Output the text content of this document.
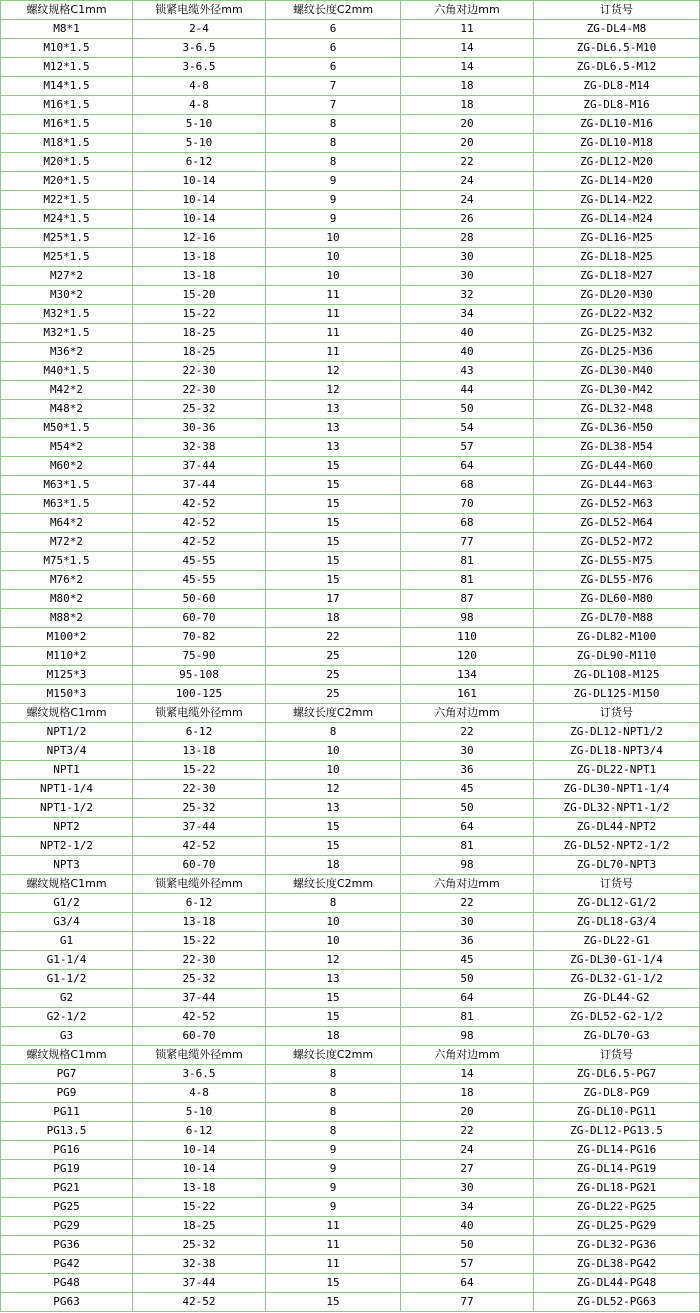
螺纹规格C1mm	锁紧电缆外径mm	螺纹长度C2mm	六角对边mm	订货号
M8*1	2-4	6	11	ZG-DL4-M8
M10*1.5	3-6.5	6	14	ZG-DL6.5-M10
M12*1.5	3-6.5	6	14	ZG-DL6.5-M12
M14*1.5	4-8	7	18	ZG-DL8-M14
M16*1.5	4-8	7	18	ZG-DL8-M16
M16*1.5	5-10	8	20	ZG-DL10-M16
M18*1.5	5-10	8	20	ZG-DL10-M18
M20*1.5	6-12	8	22	ZG-DL12-M20
M20*1.5	10-14	9	24	ZG-DL14-M20
M22*1.5	10-14	9	24	ZG-DL14-M22
M24*1.5	10-14	9	26	ZG-DL14-M24
M25*1.5	12-16	10	28	ZG-DL16-M25
M25*1.5	13-18	10	30	ZG-DL18-M25
M27*2	13-18	10	30	ZG-DL18-M27
M30*2	15-20	11	32	ZG-DL20-M30
M32*1.5	15-22	11	34	ZG-DL22-M32
M32*1.5	18-25	11	40	ZG-DL25-M32
M36*2	18-25	11	40	ZG-DL25-M36
M40*1.5	22-30	12	43	ZG-DL30-M40
M42*2	22-30	12	44	ZG-DL30-M42
M48*2	25-32	13	50	ZG-DL32-M48
M50*1.5	30-36	13	54	ZG-DL36-M50
M54*2	32-38	13	57	ZG-DL38-M54
M60*2	37-44	15	64	ZG-DL44-M60
M63*1.5	37-44	15	68	ZG-DL44-M63
M63*1.5	42-52	15	70	ZG-DL52-M63
M64*2	42-52	15	68	ZG-DL52-M64
M72*2	42-52	15	77	ZG-DL52-M72
M75*1.5	45-55	15	81	ZG-DL55-M75
M76*2	45-55	15	81	ZG-DL55-M76
M80*2	50-60	17	87	ZG-DL60-M80
M88*2	60-70	18	98	ZG-DL70-M88
M100*2	70-82	22	110	ZG-DL82-M100
M110*2	75-90	25	120	ZG-DL90-M110
M125*3	95-108	25	134	ZG-DL108-M125
M150*3	100-125	25	161	ZG-DL125-M150
螺纹规格C1mm	锁紧电缆外径mm	螺纹长度C2mm	六角对边mm	订货号
NPT1/2	6-12	8	22	ZG-DL12-NPT1/2
NPT3/4	13-18	10	30	ZG-DL18-NPT3/4
NPT1	15-22	10	36	ZG-DL22-NPT1
NPT1-1/4	22-30	12	45	ZG-DL30-NPT1-1/4
NPT1-1/2	25-32	13	50	ZG-DL32-NPT1-1/2
NPT2	37-44	15	64	ZG-DL44-NPT2
NPT2-1/2	42-52	15	81	ZG-DL52-NPT2-1/2
NPT3	60-70	18	98	ZG-DL70-NPT3
螺纹规格C1mm	锁紧电缆外径mm	螺纹长度C2mm	六角对边mm	订货号
G1/2	6-12	8	22	ZG-DL12-G1/2
G3/4	13-18	10	30	ZG-DL18-G3/4
G1	15-22	10	36	ZG-DL22-G1
G1-1/4	22-30	12	45	ZG-DL30-G1-1/4
G1-1/2	25-32	13	50	ZG-DL32-G1-1/2
G2	37-44	15	64	ZG-DL44-G2
G2-1/2	42-52	15	81	ZG-DL52-G2-1/2
G3	60-70	18	98	ZG-DL70-G3
螺纹规格C1mm	锁紧电缆外径mm	螺纹长度C2mm	六角对边mm	订货号
PG7	3-6.5	8	14	ZG-DL6.5-PG7
PG9	4-8	8	18	ZG-DL8-PG9
PG11	5-10	8	20	ZG-DL10-PG11
PG13.5	6-12	8	22	ZG-DL12-PG13.5
PG16	10-14	9	24	ZG-DL14-PG16
PG19	10-14	9	27	ZG-DL14-PG19
PG21	13-18	9	30	ZG-DL18-PG21
PG25	15-22	9	34	ZG-DL22-PG25
PG29	18-25	11	40	ZG-DL25-PG29
PG36	25-32	11	50	ZG-DL32-PG36
PG42	32-38	11	57	ZG-DL38-PG42
PG48	37-44	15	64	ZG-DL44-PG48
PG63	42-52	15	77	ZG-DL52-PG63
